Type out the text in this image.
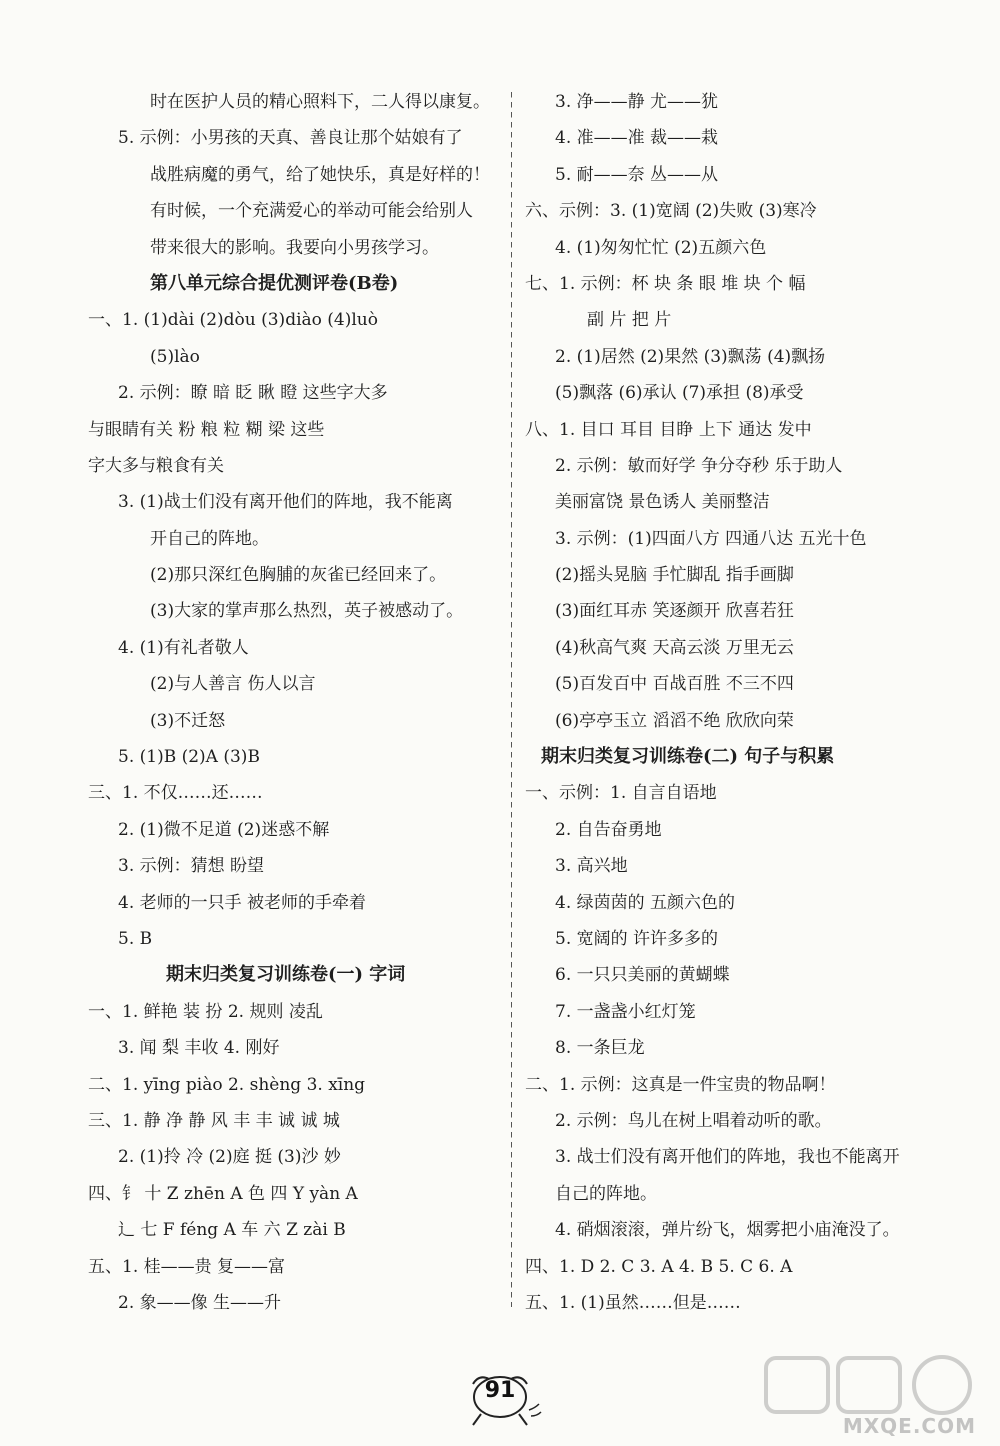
时在医护人员的精心照料下，二人得以康复。
5. 示例：小男孩的天真、善良让那个姑娘有了
战胜病魔的勇气，给了她快乐，真是好样的！
有时候，一个充满爱心的举动可能会给别人
带来很大的影响。我要向小男孩学习。
第八单元综合提优测评卷(B卷)
一、1. (1)dài (2)dòu (3)diào (4)luò
(5)lào
2. 示例：瞭 暗 眨 瞅 瞪 这些字大多
与眼睛有关 粉 粮 粒 糊 梁 这些
字大多与粮食有关
3. (1)战士们没有离开他们的阵地，我不能离
开自己的阵地。
(2)那只深红色胸脯的灰雀已经回来了。
(3)大家的掌声那么热烈，英子被感动了。
4. (1)有礼者敬人
(2)与人善言 伤人以言
(3)不迁怒
5. (1)B (2)A (3)B
三、1. 不仅……还……
2. (1)微不足道 (2)迷惑不解
3. 示例：猜想 盼望
4. 老师的一只手 被老师的手牵着
5. B
期末归类复习训练卷(一) 字词
一、1. 鲜艳 装 扮 2. 规则 凌乱
3. 闻 梨 丰收 4. 刚好
二、1. yīng piào 2. shèng 3. xīng
三、1. 静 净 静 风 丰 丰 诚 诚 城
2. (1)拎 冷 (2)庭 挺 (3)沙 妙
四、钅 十 Z zhēn A 色 四 Y yàn A
辶 七 F féng A 车 六 Z zài B
五、1. 桂——贵 复——富
2. 象——像 生——升
3. 净——静 尤——犹
4. 准——准 裁——栽
5. 耐——奈 丛——从
六、示例：3. (1)宽阔 (2)失败 (3)寒冷
4. (1)匆匆忙忙 (2)五颜六色
七、1. 示例：杯 块 条 眼 堆 块 个 幅
副 片 把 片
2. (1)居然 (2)果然 (3)飘荡 (4)飘扬
(5)飘落 (6)承认 (7)承担 (8)承受
八、1. 目口 耳目 目睁 上下 通达 发中
2. 示例：敏而好学 争分夺秒 乐于助人
美丽富饶 景色诱人 美丽整洁
3. 示例：(1)四面八方 四通八达 五光十色
(2)摇头晃脑 手忙脚乱 指手画脚
(3)面红耳赤 笑逐颜开 欣喜若狂
(4)秋高气爽 天高云淡 万里无云
(5)百发百中 百战百胜 不三不四
(6)亭亭玉立 滔滔不绝 欣欣向荣
期末归类复习训练卷(二) 句子与积累
一、示例：1. 自言自语地
2. 自告奋勇地
3. 高兴地
4. 绿茵茵的 五颜六色的
5. 宽阔的 许许多多的
6. 一只只美丽的黄蝴蝶
7. 一盏盏小红灯笼
8. 一条巨龙
二、1. 示例：这真是一件宝贵的物品啊！
2. 示例：鸟儿在树上唱着动听的歌。
3. 战士们没有离开他们的阵地，我也不能离开
自己的阵地。
4. 硝烟滚滚，弹片纷飞，烟雾把小庙淹没了。
四、1. D 2. C 3. A 4. B 5. C 6. A
五、1. (1)虽然……但是……
91
MXQE.COM
